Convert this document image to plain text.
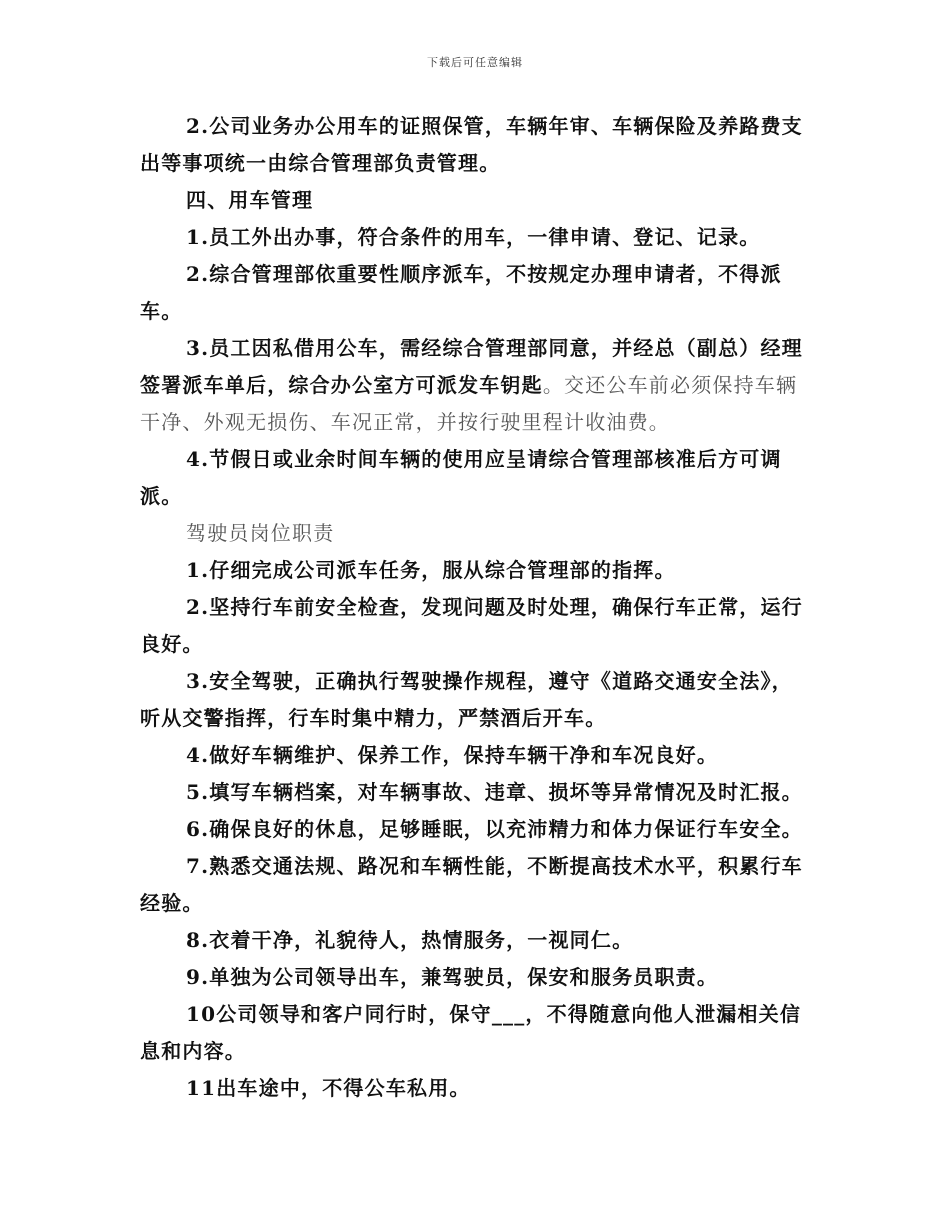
下载后可任意编辑

2.公司业务办公用车的证照保管，车辆年审、车辆保险及养路费支出等事项统一由综合管理部负责管理。

四、用车管理

1.员工外出办事，符合条件的用车，一律申请、登记、记录。

2.综合管理部依重要性顺序派车，不按规定办理申请者，不得派车。

3.员工因私借用公车，需经综合管理部同意，并经总（副总）经理签署派车单后，综合办公室方可派发车钥匙。交还公车前必须保持车辆干净、外观无损伤、车况正常，并按行驶里程计收油费。

4.节假日或业余时间车辆的使用应呈请综合管理部核准后方可调派。

驾驶员岗位职责

1.仔细完成公司派车任务，服从综合管理部的指挥。

2.坚持行车前安全检查，发现问题及时处理，确保行车正常，运行良好。

3.安全驾驶，正确执行驾驶操作规程，遵守《道路交通安全法》，听从交警指挥，行车时集中精力，严禁酒后开车。

4.做好车辆维护、保养工作，保持车辆干净和车况良好。

5.填写车辆档案，对车辆事故、违章、损坏等异常情况及时汇报。

6.确保良好的休息，足够睡眠，以充沛精力和体力保证行车安全。

7.熟悉交通法规、路况和车辆性能，不断提高技术水平，积累行车经验。

8.衣着干净，礼貌待人，热情服务，一视同仁。

9.单独为公司领导出车，兼驾驶员，保安和服务员职责。

10公司领导和客户同行时，保守___，不得随意向他人泄漏相关信息和内容。

11出车途中，不得公车私用。
